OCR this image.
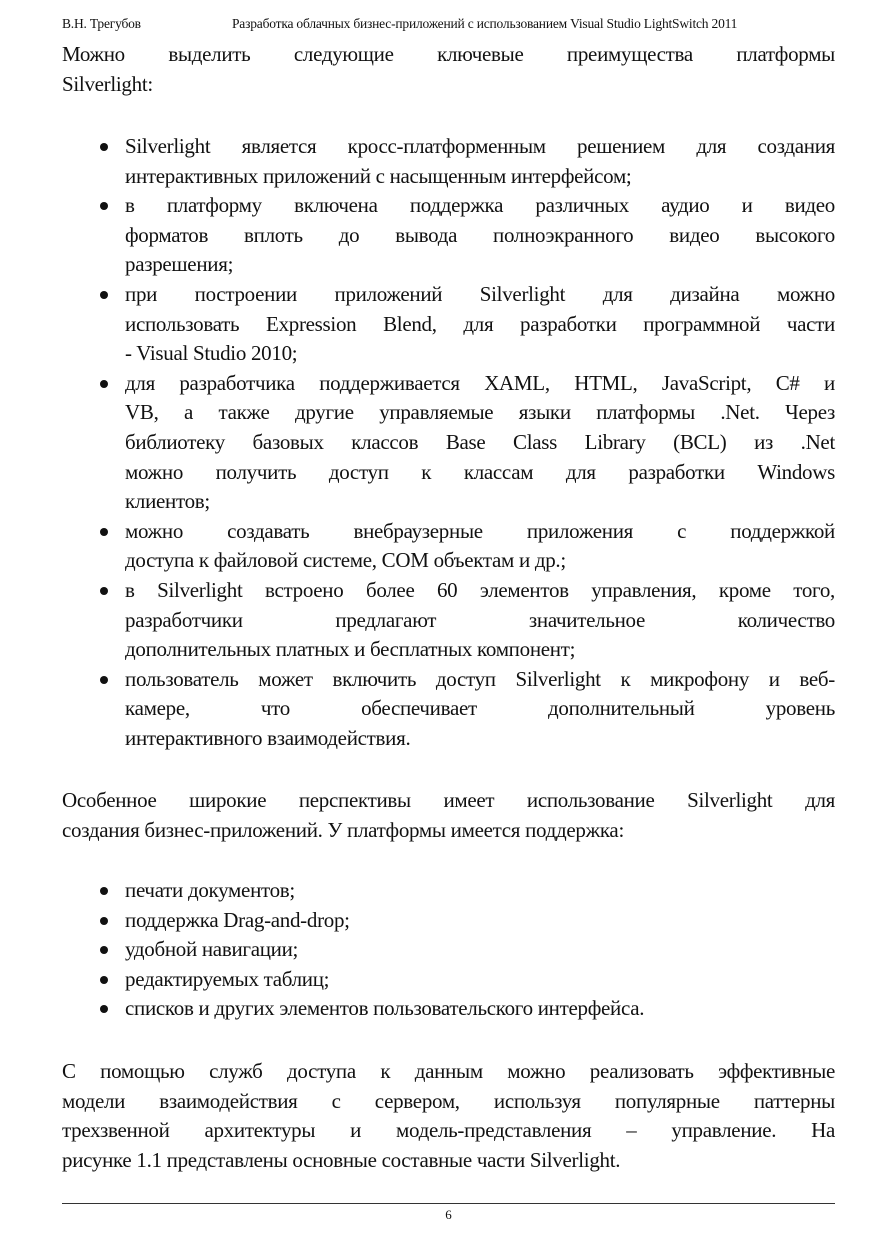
В.Н. Трегубов	Разработка облачных бизнес-приложений с использованием Visual Studio LightSwitch 2011
Можно выделить следующие ключевые преимущества платформы
Silverlight:
Silverlight является кросс-платформенным решением для создания
интерактивных приложений с насыщенным интерфейсом;
в платформу включена поддержка различных аудио и видео
форматов вплоть до вывода полноэкранного видео высокого
разрешения;
при построении приложений Silverlight для дизайна можно
использовать Expression Blend, для разработки программной части
- Visual Studio 2010;
для разработчика поддерживается XAML, HTML, JavaScript, C# и
VB, а также другие управляемые языки платформы .Net. Через
библиотеку базовых классов Base Class Library (BCL) из .Net
можно получить доступ к классам для разработки Windows
клиентов;
можно создавать внебраузерные приложения с поддержкой
доступа к файловой системе, COM объектам и др.;
в Silverlight встроено более 60 элементов управления, кроме того,
разработчики предлагают значительное количество
дополнительных платных и бесплатных компонент;
пользователь может включить доступ Silverlight к микрофону и веб-
камере, что обеспечивает дополнительный уровень
интерактивного взаимодействия.
Особенное широкие перспективы имеет использование Silverlight для
создания бизнес-приложений. У платформы имеется поддержка:
печати документов;
поддержка Drag-and-drop;
удобной навигации;
редактируемых таблиц;
списков и других элементов пользовательского интерфейса.
С помощью служб доступа к данным можно реализовать эффективные
модели взаимодействия с сервером, используя популярные паттерны
трехзвенной архитектуры и модель-представления – управление. На
рисунке 1.1 представлены основные составные части Silverlight.
6
